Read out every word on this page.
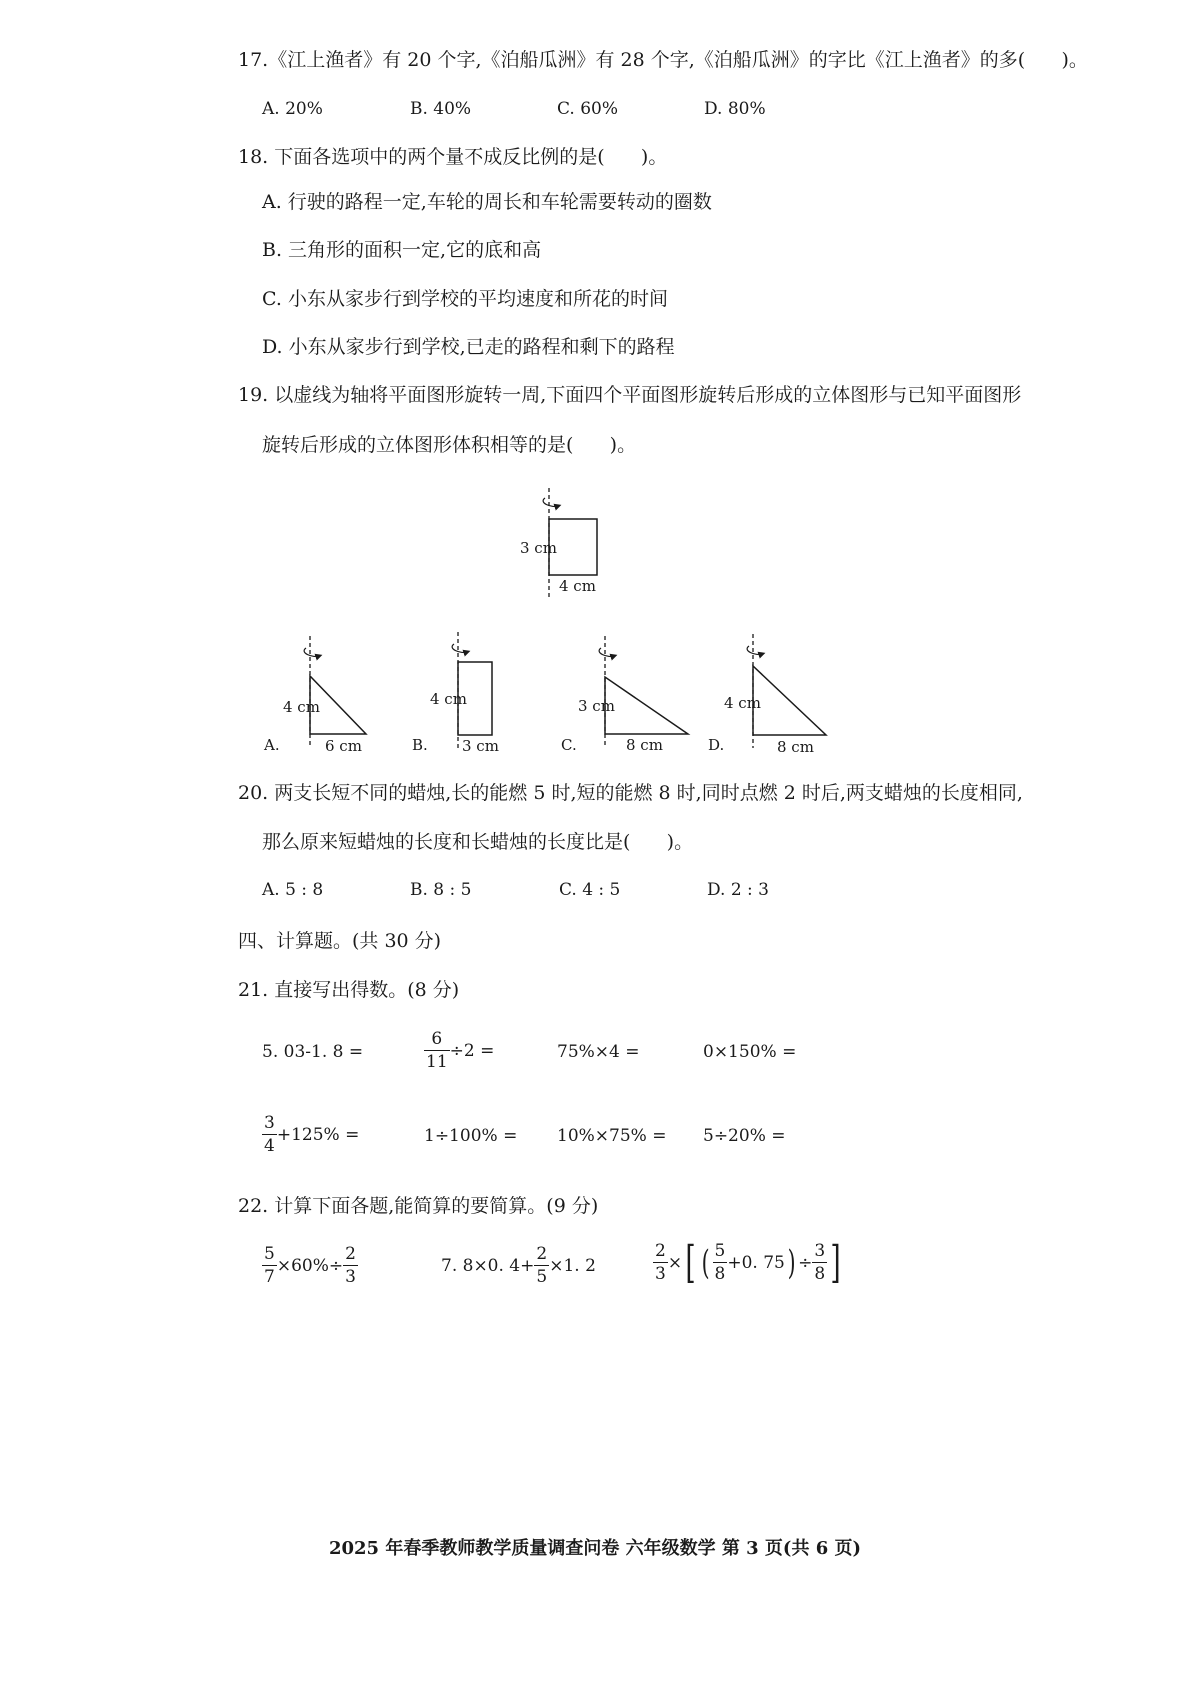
17.《江上渔者》有 20 个字,《泊船瓜洲》有 28 个字,《泊船瓜洲》的字比《江上渔者》的多(      )。
A. 20%	B. 40%	C. 60%	D. 80%
18. 下面各选项中的两个量不成反比例的是(      )。
A. 行驶的路程一定,车轮的周长和车轮需要转动的圈数
B. 三角形的面积一定,它的底和高
C. 小东从家步行到学校的平均速度和所花的时间
D. 小东从家步行到学校,已走的路程和剩下的路程
19. 以虚线为轴将平面图形旋转一周,下面四个平面图形旋转后形成的立体图形与已知平面图形
旋转后形成的立体图形体积相等的是(      )。
3 cm
4 cm
A.
4 cm
6 cm	B.
4 cm
3 cm	C.
3 cm
8 cm	D.
4 cm
8 cm
20. 两支长短不同的蜡烛,长的能燃 5 时,短的能燃 8 时,同时点燃 2 时后,两支蜡烛的长度相同,
那么原来短蜡烛的长度和长蜡烛的长度比是(      )。
A. 5 : 8	B. 8 : 5	C. 4 : 5	D. 2 : 3
四、计算题。(共 30 分)
21. 直接写出得数。(8 分)
5. 03-1. 8 =	$\frac{6}{11} \div 2$ =	75%×4 =	0×150% =
$\frac{3}{4} +125\%$ =	1÷100% = 10%×75% = 5÷20% =
22. 计算下面各题,能简算的要简算。(9 分)
$\frac{5}{7} \times 60\%\div \frac{2}{3}$	7. 8×0. $4+ \frac{2}{5} \times 1$. 2	$\frac{2}{3}$ × [ ( $\frac{5}{8} +0$. 75 ) ÷ $\frac{3}{8}$ ]
2025 年春季教师教学质量调查问卷 六年级数学 第 3 页(共 6 页)
